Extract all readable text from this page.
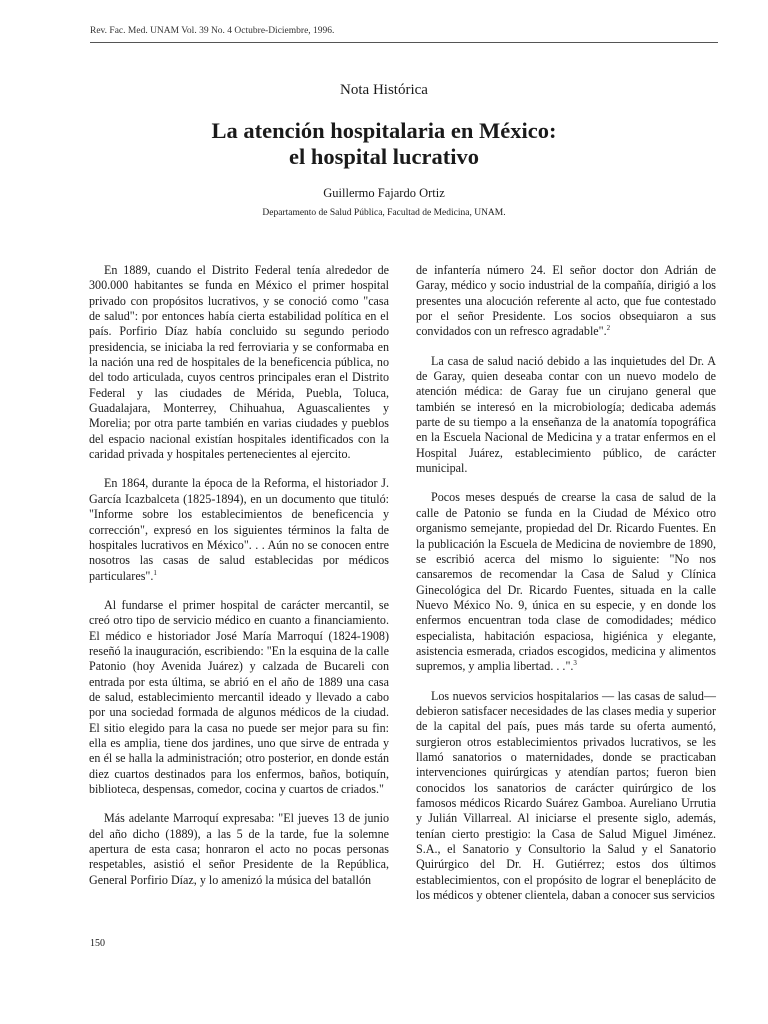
Rev. Fac. Med. UNAM Vol. 39 No. 4 Octubre-Diciembre, 1996.
Nota Histórica
La atención hospitalaria en México:
el hospital lucrativo
Guillermo Fajardo Ortiz
Departamento de Salud Pública, Facultad de Medicina, UNAM.

En 1889, cuando el Distrito Federal tenía alrededor de 300.000 habitantes se funda en México el primer hospital privado con propósitos lucrativos, y se conoció como "casa de salud": por entonces había cierta estabilidad política en el país. Porfirio Díaz había concluido su segundo periodo presidencia, se iniciaba la red ferroviaria y se conformaba en la nación una red de hospitales de la beneficencia pública, no del todo articulada, cuyos centros principales eran el Distrito Federal y las ciudades de Mérida, Puebla, Toluca, Guadalajara, Monterrey, Chihuahua, Aguascalientes y Morelia; por otra parte también en varias ciudades y pueblos del espacio nacional existían hospitales identificados con la caridad privada y hospitales pertenecientes al ejercito.

En 1864, durante la época de la Reforma, el historiador J. García Icazbalceta (1825-1894), en un documento que tituló: "Informe sobre los establecimientos de beneficencia y corrección", expresó en los siguientes términos la falta de hospitales lucrativos en México". . . Aún no se conocen entre nosotros las casas de salud establecidas por médicos particulares".$^1$

Al fundarse el primer hospital de carácter mercantil, se creó otro tipo de servicio médico en cuanto a financiamiento. El médico e historiador José María Marroquí (1824-1908) reseñó la inauguración, escribiendo: "En la esquina de la calle Patonio (hoy Avenida Juárez) y calzada de Bucareli con entrada por esta última, se abrió en el año de 1889 una casa de salud, establecimiento mercantil ideado y llevado a cabo por una sociedad formada de algunos médicos de la ciudad. El sitio elegido para la casa no puede ser mejor para su fin: ella es amplia, tiene dos jardines, uno que sirve de entrada y en él se halla la administración; otro posterior, en donde están diez cuartos destinados para los enfermos, baños, botiquín, biblioteca, despensas, comedor, cocina y cuartos de criados."

Más adelante Marroquí expresaba: "El jueves 13 de junio del año dicho (1889), a las 5 de la tarde, fue la solemne apertura de esta casa; honraron el acto no pocas personas respetables, asistió el señor Presidente de la República, General Porfirio Díaz, y lo amenizó la música del batallón

de infantería número 24. El señor doctor don Adrián de Garay, médico y socio industrial de la compañía, dirigió a los presentes una alocución referente al acto, que fue contestado por el señor Presidente. Los socios obsequiaron a sus convidados con un refresco agradable".$^2$

La casa de salud nació debido a las inquietudes del Dr. A de Garay, quien deseaba contar con un nuevo modelo de atención médica: de Garay fue un cirujano general que también se interesó en la microbiología; dedicaba además parte de su tiempo a la enseñanza de la anatomía topográfica en la Escuela Nacional de Medicina y a tratar enfermos en el Hospital Juárez, establecimiento público, de carácter municipal.

Pocos meses después de crearse la casa de salud de la calle de Patonio se funda en la Ciudad de México otro organismo semejante, propiedad del Dr. Ricardo Fuentes. En la publicación la Escuela de Medicina de noviembre de 1890, se escribió acerca del mismo lo siguiente: "No nos cansaremos de recomendar la Casa de Salud y Clínica Ginecológica del Dr. Ricardo Fuentes, situada en la calle Nuevo México No. 9, única en su especie, y en donde los enfermos encuentran toda clase de comodidades; médico especialista, habitación espaciosa, higiénica y elegante, asistencia esmerada, criados escogidos, medicina y alimentos supremos, y amplia libertad. . .".$^3$

Los nuevos servicios hospitalarios — las casas de salud— debieron satisfacer necesidades de las clases media y superior de la capital del país, pues más tarde su oferta aumentó, surgieron otros establecimientos privados lucrativos, se les llamó sanatorios o maternidades, donde se practicaban intervenciones quirúrgicas y atendían partos; fueron bien conocidos los sanatorios de carácter quirúrgico de los famosos médicos Ricardo Suárez Gamboa. Aureliano Urrutia y Julián Villarreal. Al iniciarse el presente siglo, además, tenían cierto prestigio: la Casa de Salud Miguel Jiménez. S.A., el Sanatorio y Consultorio la Salud y el Sanatorio Quirúrgico del Dr. H. Gutiérrez; estos dos últimos establecimientos, con el propósito de lograr el beneplácito de los médicos y obtener clientela, daban a conocer sus servicios

150
